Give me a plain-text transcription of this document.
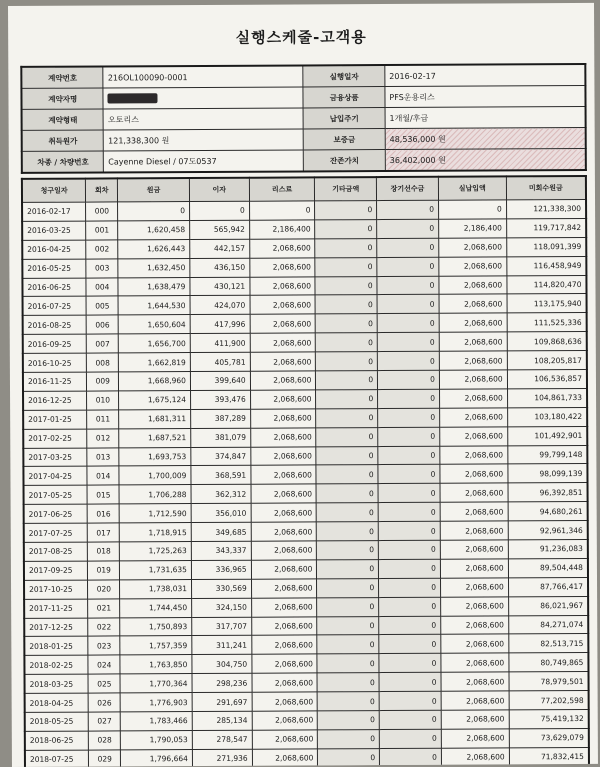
실행스케줄-고객용
계약번호	216OL100090-0001	실행일자	2016-02-17
계약자명		금융상품	PFS운용리스
계약형태	오토리스	납입주기	1개월/후급
취득원가	121,338,300 원	보증금	48,536,000 원
차종 / 차량번호	Cayenne Diesel / 07도0537	잔존가치	36,402,000 원
청구일자	회차	원금	이자	리스료	기타금액	장기선수금	실납입액	미회수원금
2016-02-17	000	0	0	0	0	0	0	121,338,300
2016-03-25	001	1,620,458	565,942	2,186,400	0	0	2,186,400	119,717,842
2016-04-25	002	1,626,443	442,157	2,068,600	0	0	2,068,600	118,091,399
2016-05-25	003	1,632,450	436,150	2,068,600	0	0	2,068,600	116,458,949
2016-06-25	004	1,638,479	430,121	2,068,600	0	0	2,068,600	114,820,470
2016-07-25	005	1,644,530	424,070	2,068,600	0	0	2,068,600	113,175,940
2016-08-25	006	1,650,604	417,996	2,068,600	0	0	2,068,600	111,525,336
2016-09-25	007	1,656,700	411,900	2,068,600	0	0	2,068,600	109,868,636
2016-10-25	008	1,662,819	405,781	2,068,600	0	0	2,068,600	108,205,817
2016-11-25	009	1,668,960	399,640	2,068,600	0	0	2,068,600	106,536,857
2016-12-25	010	1,675,124	393,476	2,068,600	0	0	2,068,600	104,861,733
2017-01-25	011	1,681,311	387,289	2,068,600	0	0	2,068,600	103,180,422
2017-02-25	012	1,687,521	381,079	2,068,600	0	0	2,068,600	101,492,901
2017-03-25	013	1,693,753	374,847	2,068,600	0	0	2,068,600	99,799,148
2017-04-25	014	1,700,009	368,591	2,068,600	0	0	2,068,600	98,099,139
2017-05-25	015	1,706,288	362,312	2,068,600	0	0	2,068,600	96,392,851
2017-06-25	016	1,712,590	356,010	2,068,600	0	0	2,068,600	94,680,261
2017-07-25	017	1,718,915	349,685	2,068,600	0	0	2,068,600	92,961,346
2017-08-25	018	1,725,263	343,337	2,068,600	0	0	2,068,600	91,236,083
2017-09-25	019	1,731,635	336,965	2,068,600	0	0	2,068,600	89,504,448
2017-10-25	020	1,738,031	330,569	2,068,600	0	0	2,068,600	87,766,417
2017-11-25	021	1,744,450	324,150	2,068,600	0	0	2,068,600	86,021,967
2017-12-25	022	1,750,893	317,707	2,068,600	0	0	2,068,600	84,271,074
2018-01-25	023	1,757,359	311,241	2,068,600	0	0	2,068,600	82,513,715
2018-02-25	024	1,763,850	304,750	2,068,600	0	0	2,068,600	80,749,865
2018-03-25	025	1,770,364	298,236	2,068,600	0	0	2,068,600	78,979,501
2018-04-25	026	1,776,903	291,697	2,068,600	0	0	2,068,600	77,202,598
2018-05-25	027	1,783,466	285,134	2,068,600	0	0	2,068,600	75,419,132
2018-06-25	028	1,790,053	278,547	2,068,600	0	0	2,068,600	73,629,079
2018-07-25	029	1,796,664	271,936	2,068,600	0	0	2,068,600	71,832,415
